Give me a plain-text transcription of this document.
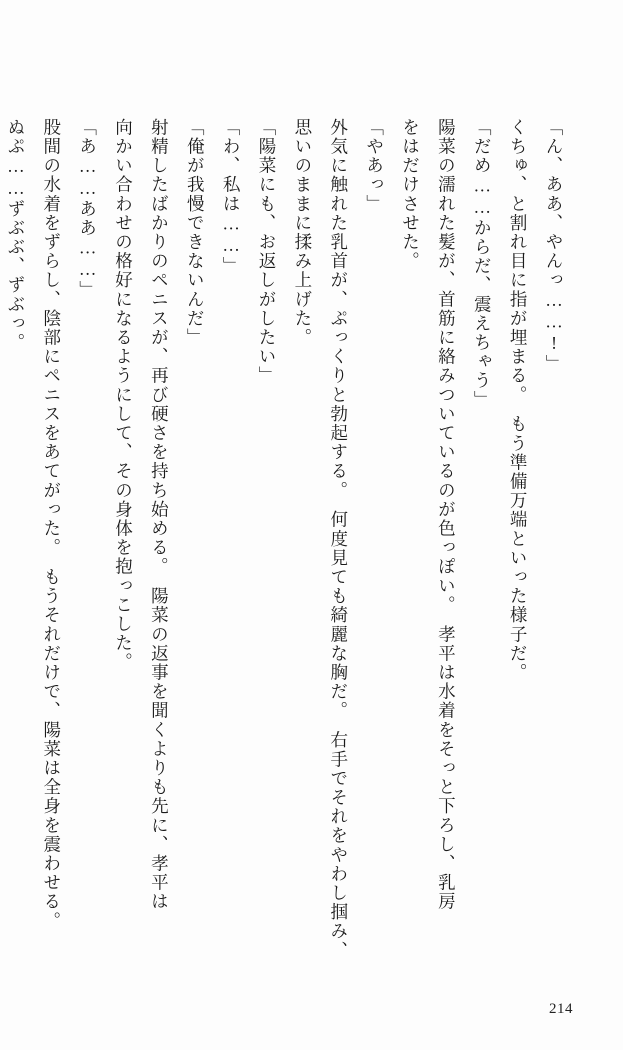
「ん、ああ、やんっ……!」

くちゅ、と割れ目に指が埋まる。　もう準備万端といった様子だ。

「だめ……からだ、震えちゃう」

陽菜の濡れた髪が、首筋に絡みついているのが色っぽい。　孝平は水着をそっと下ろし、乳房

をはだけさせた。

「やあっ」

外気に触れた乳首が、ぷっくりと勃起する。　何度見ても綺麗な胸だ。　右手でそれをやわし掴み、

思いのままに揉み上げた。

「陽菜にも、お返しがしたい」

「わ、私は……」

「俺が我慢できないんだ」

射精したばかりのペニスが、再び硬さを持ち始める。　陽菜の返事を聞くよりも先に、孝平は

向かい合わせの格好になるようにして、その身体を抱っこした。

「あ……ああ……」

股間の水着をずらし、陰部にペニスをあてがった。　もうそれだけで、陽菜は全身を震わせる。

ぬぷ……ずぶぶ、ずぶっ。

214
